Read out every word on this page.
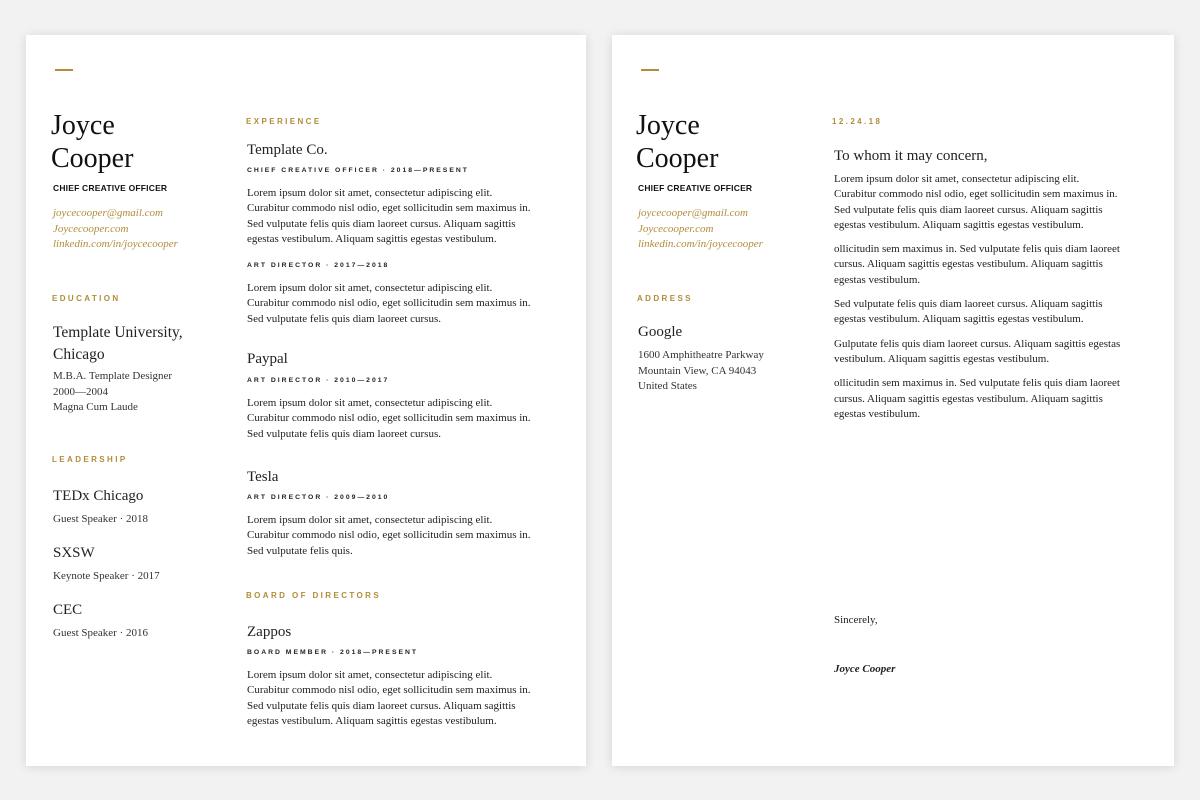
Joyce
Cooper
CHIEF CREATIVE OFFICER
joycecooper@gmail.com
Joycecooper.com
linkedin.com/in/joycecooper
EDUCATION
Template University,
Chicago
M.B.A. Template Designer
2000—2004
Magna Cum Laude
LEADERSHIP
TEDx Chicago
Guest Speaker · 2018
SXSW
Keynote Speaker · 2017
CEC
Guest Speaker · 2016
EXPERIENCE
Template Co.
CHIEF CREATIVE OFFICER · 2018—PRESENT
Lorem ipsum dolor sit amet, consectetur adipiscing elit.
Curabitur commodo nisl odio, eget sollicitudin sem maximus in.
Sed vulputate felis quis diam laoreet cursus. Aliquam sagittis
egestas vestibulum. Aliquam sagittis egestas vestibulum.
ART DIRECTOR · 2017—2018
Lorem ipsum dolor sit amet, consectetur adipiscing elit.
Curabitur commodo nisl odio, eget sollicitudin sem maximus in.
Sed vulputate felis quis diam laoreet cursus.
Paypal
ART DIRECTOR · 2010—2017
Lorem ipsum dolor sit amet, consectetur adipiscing elit.
Curabitur commodo nisl odio, eget sollicitudin sem maximus in.
Sed vulputate felis quis diam laoreet cursus.
Tesla
ART DIRECTOR · 2009—2010
Lorem ipsum dolor sit amet, consectetur adipiscing elit.
Curabitur commodo nisl odio, eget sollicitudin sem maximus in.
Sed vulputate felis quis.
BOARD OF DIRECTORS
Zappos
BOARD MEMBER · 2018—PRESENT
Lorem ipsum dolor sit amet, consectetur adipiscing elit.
Curabitur commodo nisl odio, eget sollicitudin sem maximus in.
Sed vulputate felis quis diam laoreet cursus. Aliquam sagittis
egestas vestibulum. Aliquam sagittis egestas vestibulum.
Joyce
Cooper
CHIEF CREATIVE OFFICER
joycecooper@gmail.com
Joycecooper.com
linkedin.com/in/joycecooper
ADDRESS
Google
1600 Amphitheatre Parkway
Mountain View, CA 94043
United States
12.24.18
To whom it may concern,
Lorem ipsum dolor sit amet, consectetur adipiscing elit.
Curabitur commodo nisl odio, eget sollicitudin sem maximus in.
Sed vulputate felis quis diam laoreet cursus. Aliquam sagittis
egestas vestibulum. Aliquam sagittis egestas vestibulum.
ollicitudin sem maximus in. Sed vulputate felis quis diam laoreet
cursus. Aliquam sagittis egestas vestibulum. Aliquam sagittis
egestas vestibulum.
Sed vulputate felis quis diam laoreet cursus. Aliquam sagittis
egestas vestibulum. Aliquam sagittis egestas vestibulum.
Gulputate felis quis diam laoreet cursus. Aliquam sagittis egestas
vestibulum. Aliquam sagittis egestas vestibulum.
ollicitudin sem maximus in. Sed vulputate felis quis diam laoreet
cursus. Aliquam sagittis egestas vestibulum. Aliquam sagittis
egestas vestibulum.
Sincerely,
Joyce Cooper
